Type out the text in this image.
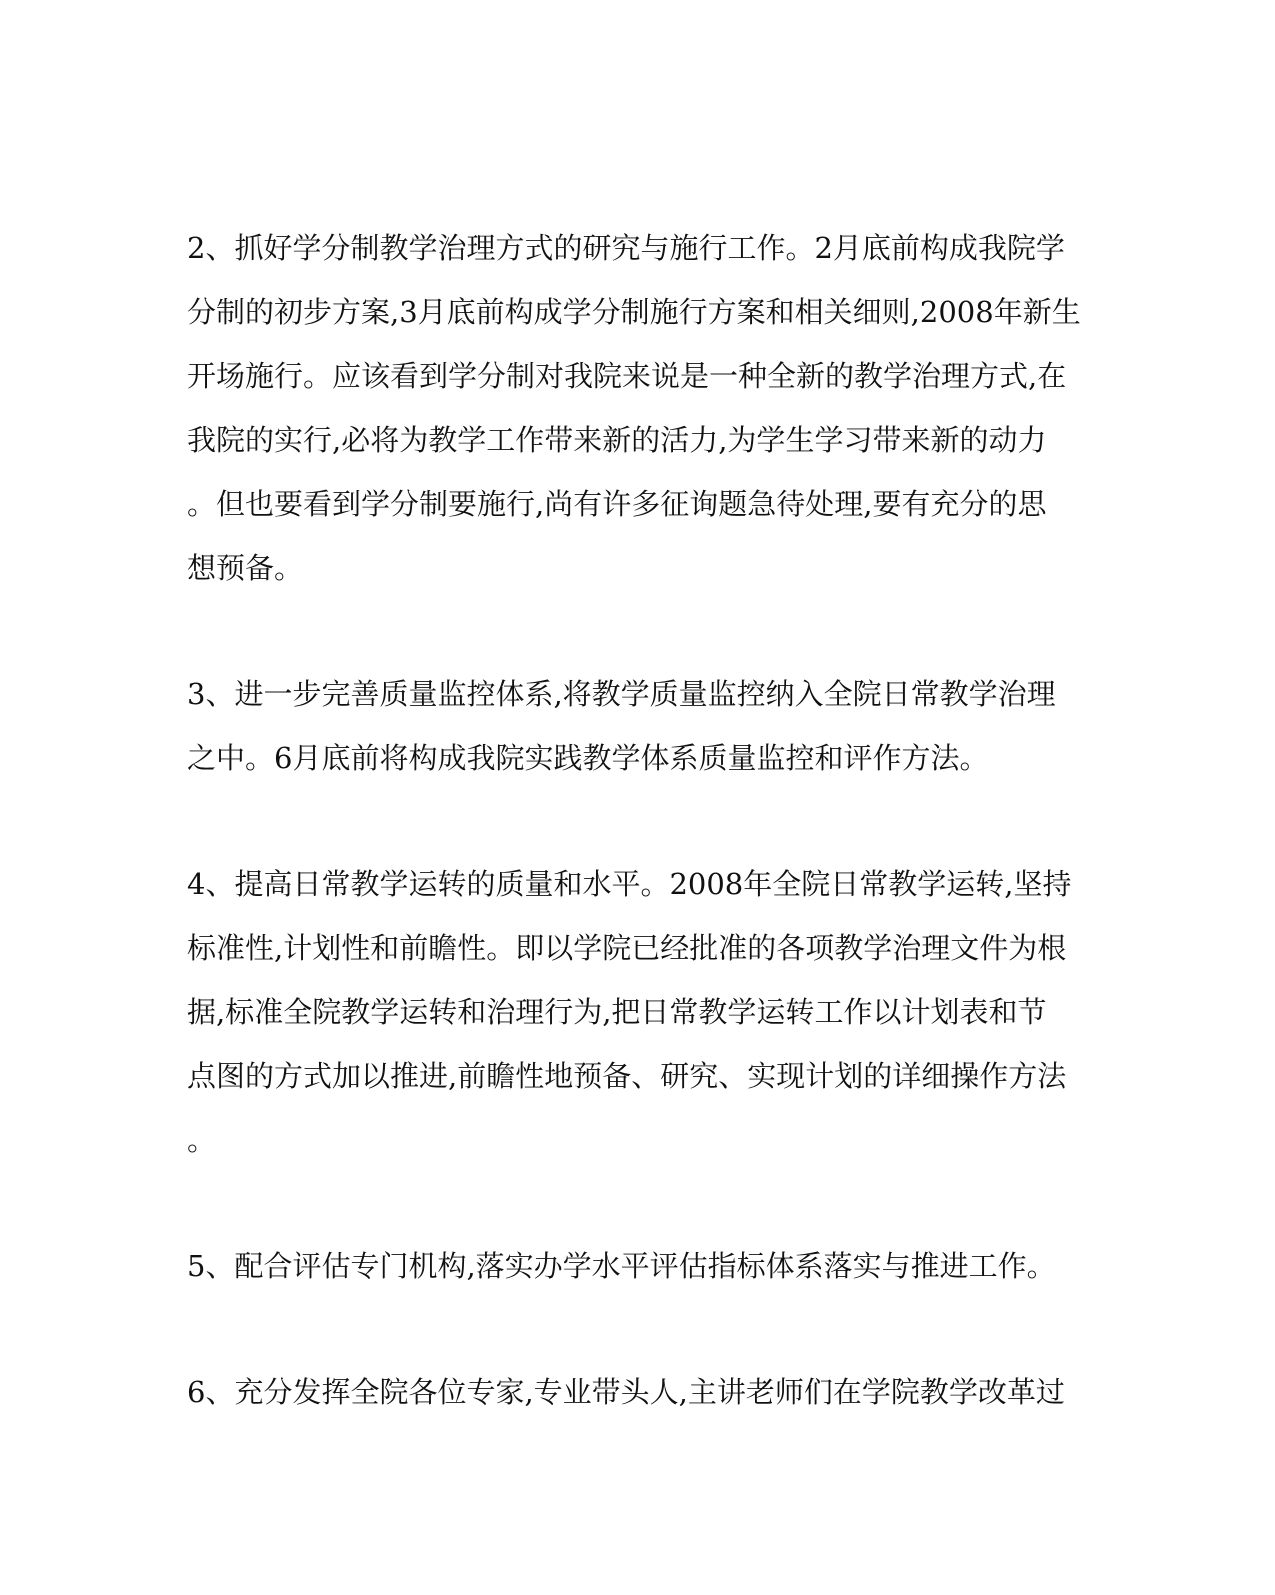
2、抓好学分制教学治理方式的研究与施行工作。2月底前构成我院学
分制的初步方案,3月底前构成学分制施行方案和相关细则,2008年新生
开场施行。应该看到学分制对我院来说是一种全新的教学治理方式,在
我院的实行,必将为教学工作带来新的活力,为学生学习带来新的动力
。但也要看到学分制要施行,尚有许多征询题急待处理,要有充分的思
想预备。
3、进一步完善质量监控体系,将教学质量监控纳入全院日常教学治理
之中。6月底前将构成我院实践教学体系质量监控和评作方法。
4、提高日常教学运转的质量和水平。2008年全院日常教学运转,坚持
标准性,计划性和前瞻性。即以学院已经批准的各项教学治理文件为根
据,标准全院教学运转和治理行为,把日常教学运转工作以计划表和节
点图的方式加以推进,前瞻性地预备、研究、实现计划的详细操作方法
。
5、配合评估专门机构,落实办学水平评估指标体系落实与推进工作。
6、充分发挥全院各位专家,专业带头人,主讲老师们在学院教学改革过
